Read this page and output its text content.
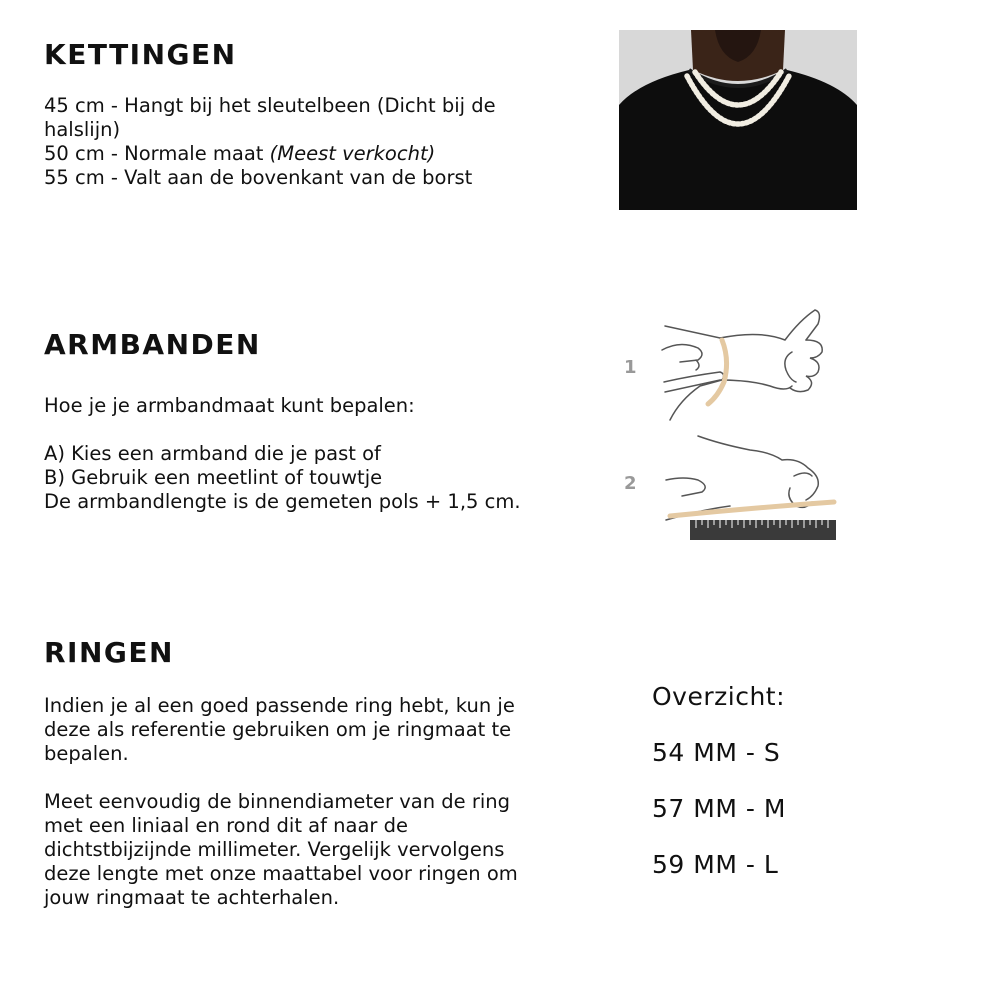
KETTINGEN
45 cm - Hangt bij het sleutelbeen (Dicht bij de halslijn)
50 cm - Normale maat (Meest verkocht)
55 cm - Valt aan de bovenkant van de borst
ARMBANDEN
Hoe je je armbandmaat kunt bepalen:
A) Kies een armband die je past of
B) Gebruik een meetlint of touwtje
De armbandlengte is de gemeten pols + 1,5 cm.
1
2
RINGEN
Indien je al een goed passende ring hebt, kun je deze als referentie gebruiken om je ringmaat te bepalen.
Meet eenvoudig de binnendiameter van de ring met een liniaal en rond dit af naar de dichtstbijzijnde millimeter. Vergelijk vervolgens deze lengte met onze maattabel voor ringen om jouw ringmaat te achterhalen.
Overzicht:
54 MM - S
57 MM - M
59 MM - L
